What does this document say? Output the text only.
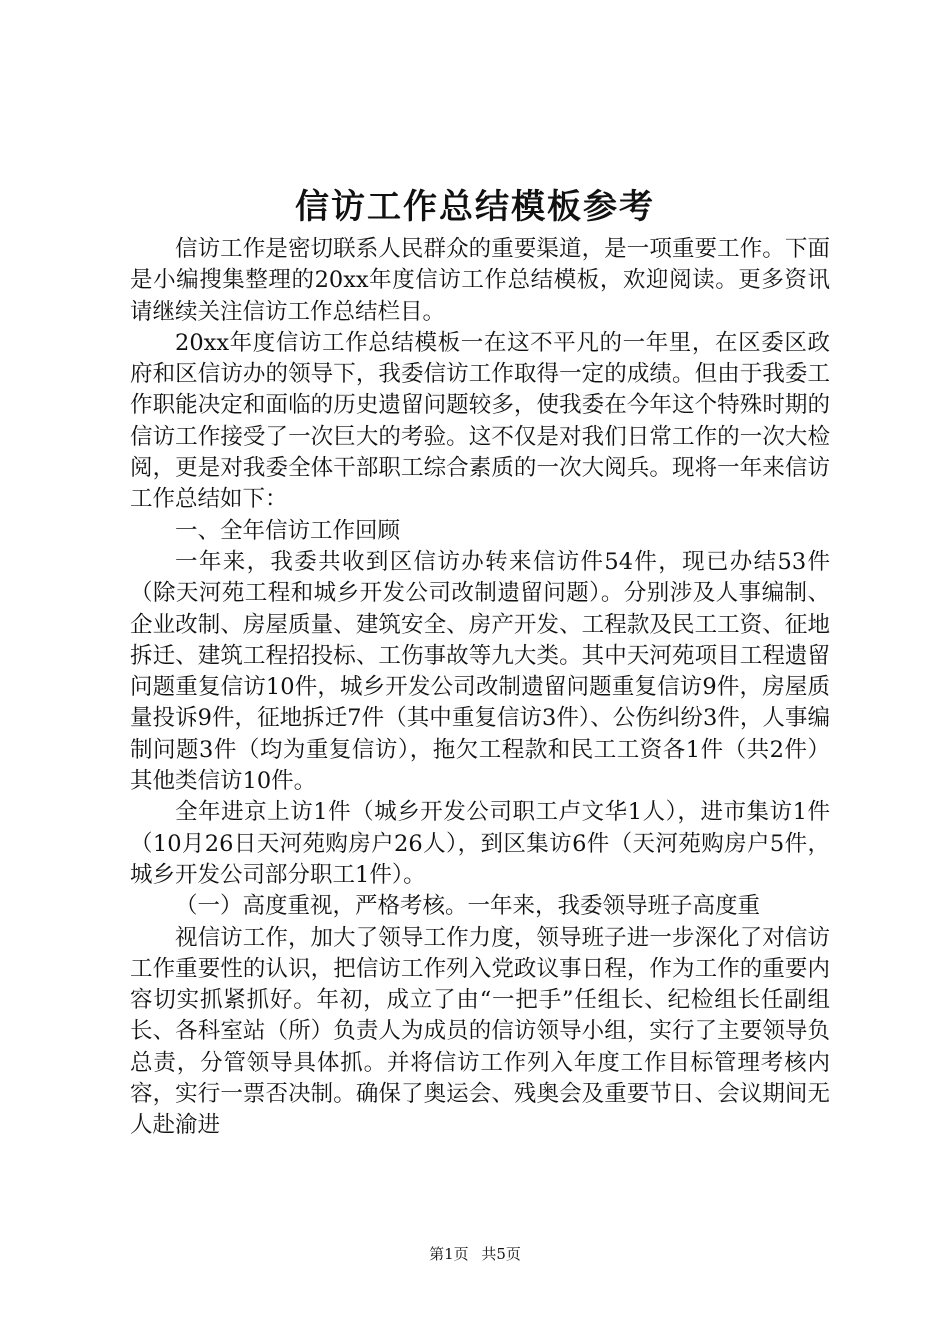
信访工作总结模板参考

信访工作是密切联系人民群众的重要渠道，是一项重要工作。下面是小编搜集整理的20xx年度信访工作总结模板，欢迎阅读。更多资讯请继续关注信访工作总结栏目。

20xx年度信访工作总结模板一在这不平凡的一年里，在区委区政府和区信访办的领导下，我委信访工作取得一定的成绩。但由于我委工作职能决定和面临的历史遗留问题较多，使我委在今年这个特殊时期的信访工作接受了一次巨大的考验。这不仅是对我们日常工作的一次大检阅，更是对我委全体干部职工综合素质的一次大阅兵。现将一年来信访工作总结如下：

一、全年信访工作回顾

一年来，我委共收到区信访办转来信访件54件，现已办结53件（除天河苑工程和城乡开发公司改制遗留问题）。分别涉及人事编制、企业改制、房屋质量、建筑安全、房产开发、工程款及民工工资、征地拆迁、建筑工程招投标、工伤事故等九大类。其中天河苑项目工程遗留问题重复信访10件，城乡开发公司改制遗留问题重复信访9件，房屋质量投诉9件，征地拆迁7件（其中重复信访3件）、公伤纠纷3件，人事编制问题3件（均为重复信访），拖欠工程款和民工工资各1件（共2件）其他类信访10件。

全年进京上访1件（城乡开发公司职工卢文华1人），进市集访1件（10月26日天河苑购房户26人），到区集访6件（天河苑购房户5件，城乡开发公司部分职工1件）。

（一）高度重视，严格考核。一年来，我委领导班子高度重

视信访工作，加大了领导工作力度，领导班子进一步深化了对信访工作重要性的认识，把信访工作列入党政议事日程，作为工作的重要内容切实抓紧抓好。年初，成立了由“一把手”任组长、纪检组长任副组长、各科室站（所）负责人为成员的信访领导小组，实行了主要领导负总责，分管领导具体抓。并将信访工作列入年度工作目标管理考核内容，实行一票否决制。确保了奥运会、残奥会及重要节日、会议期间无人赴渝进

第1页 共5页
